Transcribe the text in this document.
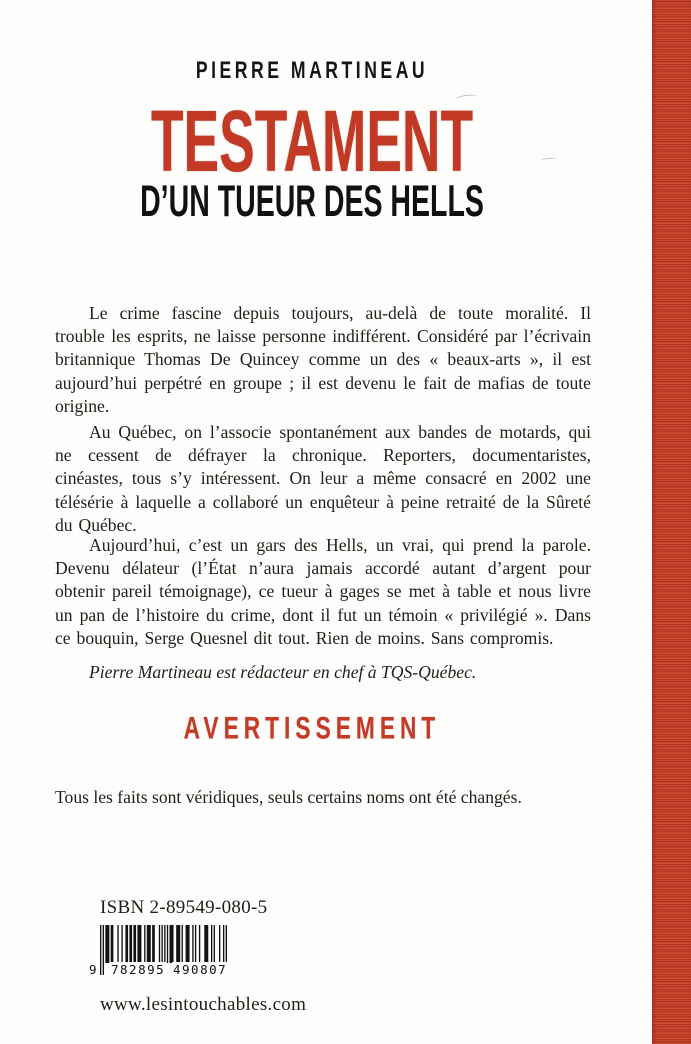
PIERRE MARTINEAU
TESTAMENT
D’UN TUEUR DES HELLS

Le crime fascine depuis toujours, au-delà de toute moralité. Il trouble les esprits, ne laisse personne indifférent. Considéré par l’écrivain britannique Thomas De Quincey comme un des « beaux-arts », il est aujourd’hui perpétré en groupe ; il est devenu le fait de mafias de toute origine.

Au Québec, on l’associe spontanément aux bandes de motards, qui ne cessent de défrayer la chronique. Reporters, documentaristes, cinéastes, tous s’y intéressent. On leur a même consacré en 2002 une télésérie à laquelle a collaboré un enquêteur à peine retraité de la Sûreté du Québec.

Aujourd’hui, c’est un gars des Hells, un vrai, qui prend la parole. Devenu délateur (l’État n’aura jamais accordé autant d’argent pour obtenir pareil témoignage), ce tueur à gages se met à table et nous livre un pan de l’histoire du crime, dont il fut un témoin « privilégié ». Dans ce bouquin, Serge Quesnel dit tout. Rien de moins. Sans compromis.

Pierre Martineau est rédacteur en chef à TQS-Québec.
AVERTISSEMENT
Tous les faits sont véridiques, seuls certains noms ont été changés.
ISBN 2-89549-080-5
9 782895 490807
www.lesintouchables.com
